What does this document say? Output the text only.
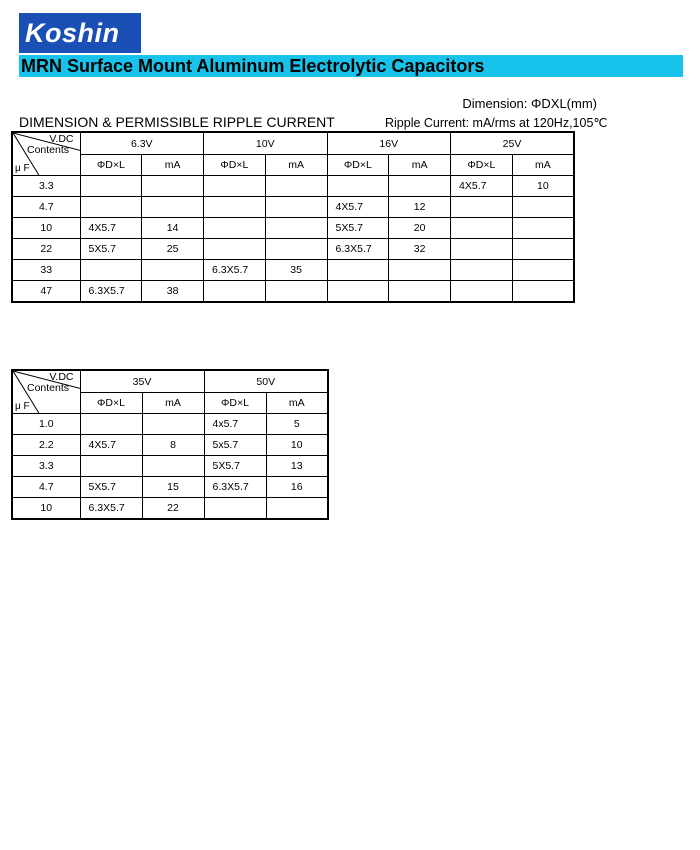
Koshin
MRN Surface Mount Aluminum Electrolytic Capacitors
Dimension: ΦDXL(mm)
DIMENSION & PERMISSIBLE RIPPLE CURRENT	Ripple Current: mA/rms at 120Hz,105℃
V.DC
Contents
μ F	6.3V		10V		16V		25V	
	ΦD×L	mA	ΦD×L	mA	ΦD×L	mA	ΦD×L	mA
3.3							4X5.7	10
4.7					4X5.7	12		
10	4X5.7	14			5X5.7	20		
22	5X5.7	25			6.3X5.7	32		
33			6.3X5.7	35				
47	6.3X5.7	38						
V.DC
Contents
μ F	35V		50V	
	ΦD×L	mA	ΦD×L	mA
1.0			4x5.7	5
2.2	4X5.7	8	5x5.7	10
3.3			5X5.7	13
4.7	5X5.7	15	6.3X5.7	16
10	6.3X5.7	22		
